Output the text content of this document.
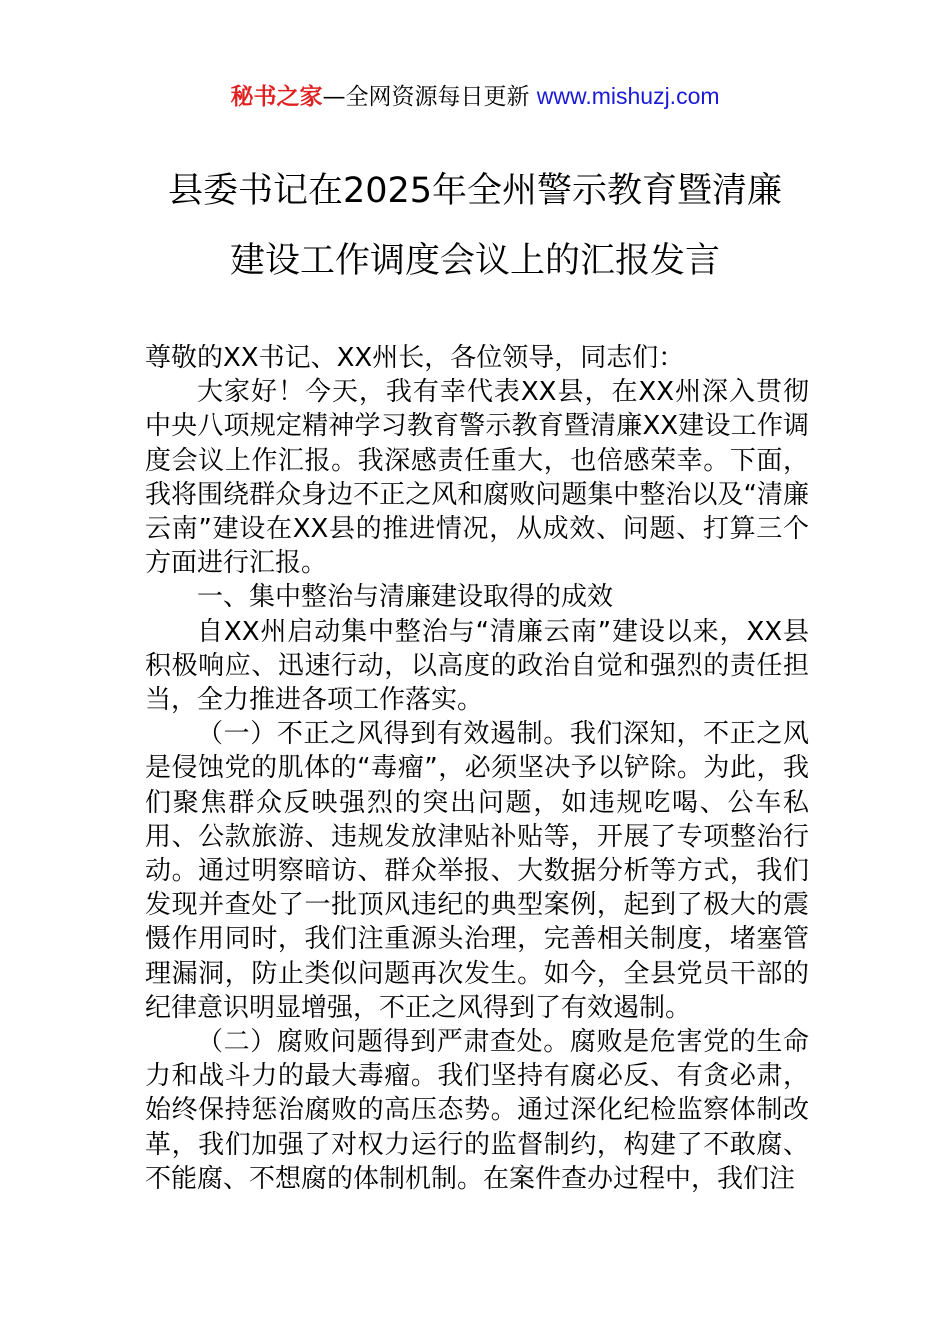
秘书之家—全网资源每日更新 www.mishuzj.com
县委书记在2025年全州警示教育暨清廉
建设工作调度会议上的汇报发言

尊敬的XX书记、XX州长，各位领导，同志们：

大家好！今天，我有幸代表XX县，在XX州深入贯彻中央八项规定精神学习教育警示教育暨清廉XX建设工作调度会议上作汇报。我深感责任重大，也倍感荣幸。下面，我将围绕群众身边不正之风和腐败问题集中整治以及“清廉云南”建设在XX县的推进情况，从成效、问题、打算三个方面进行汇报。

一、集中整治与清廉建设取得的成效

自XX州启动集中整治与“清廉云南”建设以来，XX县积极响应、迅速行动，以高度的政治自觉和强烈的责任担当，全力推进各项工作落实。

（一）不正之风得到有效遏制。我们深知，不正之风是侵蚀党的肌体的“毒瘤”，必须坚决予以铲除。为此，我们聚焦群众反映强烈的突出问题，如违规吃喝、公车私用、公款旅游、违规发放津贴补贴等，开展了专项整治行动。通过明察暗访、群众举报、大数据分析等方式，我们发现并查处了一批顶风违纪的典型案例，起到了极大的震慑作用同时，我们注重源头治理，完善相关制度，堵塞管理漏洞，防止类似问题再次发生。如今，全县党员干部的纪律意识明显增强，不正之风得到了有效遏制。

（二）腐败问题得到严肃查处。腐败是危害党的生命力和战斗力的最大毒瘤。我们坚持有腐必反、有贪必肃，始终保持惩治腐败的高压态势。通过深化纪检监察体制改革，我们加强了对权力运行的监督制约，构建了不敢腐、不能腐、不想腐的体制机制。在案件查办过程中，我们注
